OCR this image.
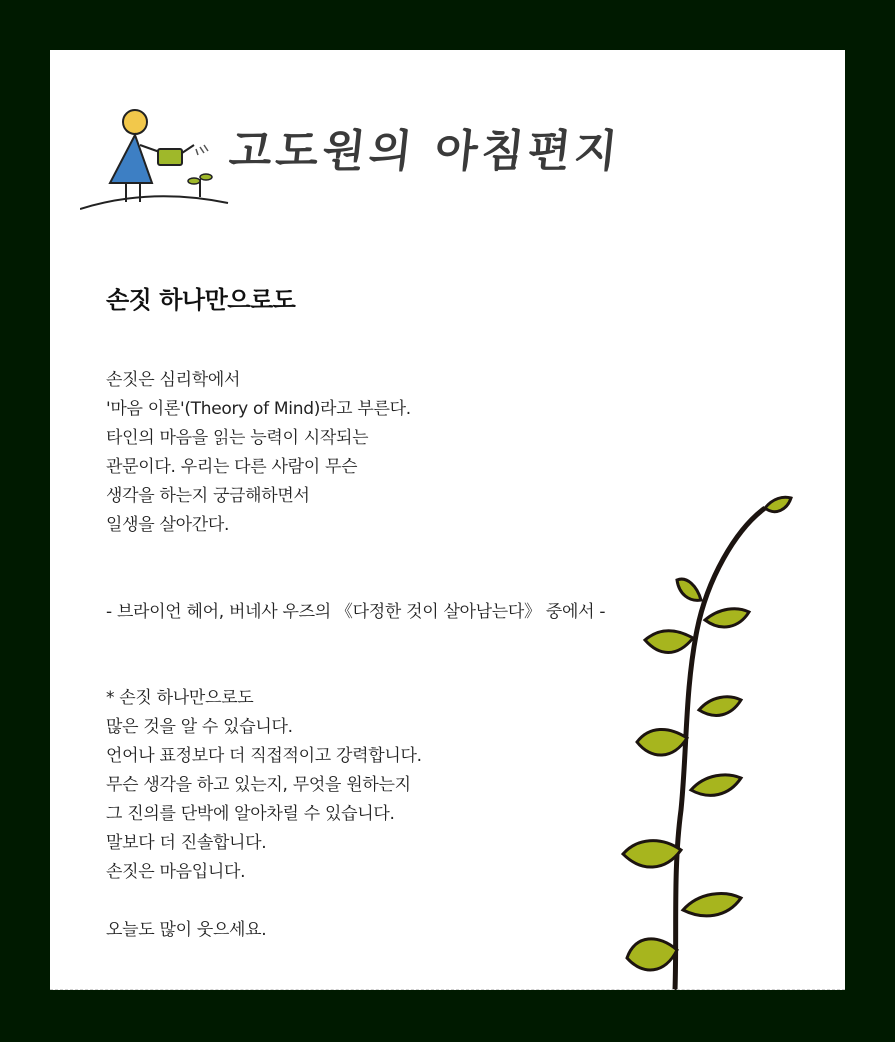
고도원의 아침편지
손짓 하나만으로도

손짓은 심리학에서
'마음 이론'(Theory of Mind)라고 부른다.
타인의 마음을 읽는 능력이 시작되는
관문이다. 우리는 다른 사람이 무슨
생각을 하는지 궁금해하면서
일생을 살아간다.

- 브라이언 헤어, 버네사 우즈의 《다정한 것이 살아남는다》 중에서 -

* 손짓 하나만으로도
많은 것을 알 수 있습니다.
언어나 표정보다 더 직접적이고 강력합니다.
무슨 생각을 하고 있는지, 무엇을 원하는지
그 진의를 단박에 알아차릴 수 있습니다.
말보다 더 진솔합니다.
손짓은 마음입니다.

오늘도 많이 웃으세요.
